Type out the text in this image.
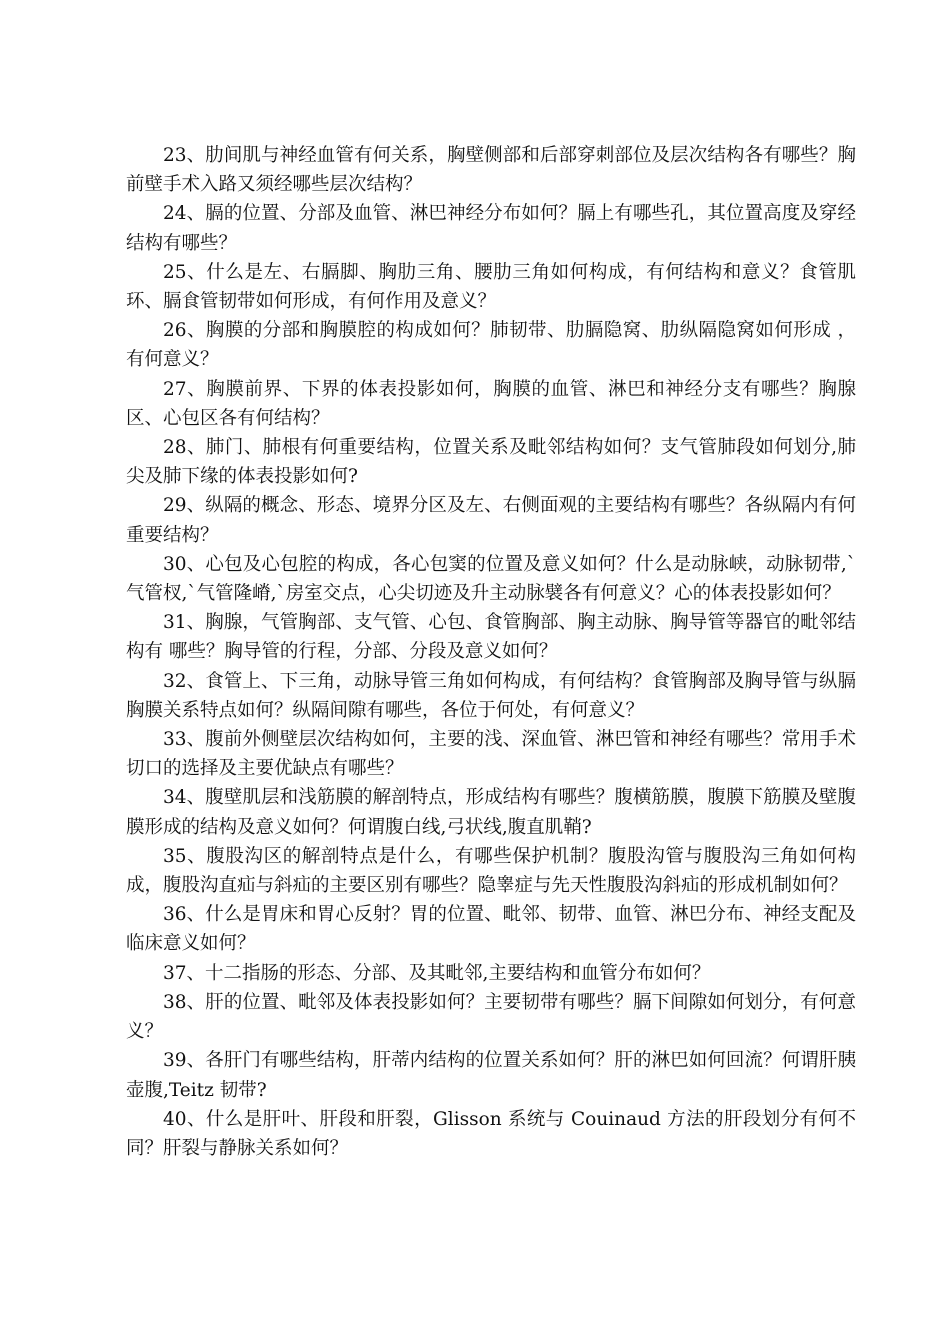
23、肋间肌与神经血管有何关系，胸壁侧部和后部穿刺部位及层次结构各有哪些？胸前壁手术入路又须经哪些层次结构？

24、膈的位置、分部及血管、淋巴神经分布如何？膈上有哪些孔，其位置高度及穿经结构有哪些？

25、什么是左、右膈脚、胸肋三角、腰肋三角如何构成，有何结构和意义？食管肌环、膈食管韧带如何形成，有何作用及意义？

26、胸膜的分部和胸膜腔的构成如何？肺韧带、肋膈隐窝、肋纵隔隐窝如何形成 ，有何意义？

27、胸膜前界、下界的体表投影如何，胸膜的血管、淋巴和神经分支有哪些？胸腺区、心包区各有何结构？

28、肺门、肺根有何重要结构，位置关系及毗邻结构如何？支气管肺段如何划分,肺尖及肺下缘的体表投影如何?

29、纵隔的概念、形态、境界分区及左、右侧面观的主要结构有哪些？各纵隔内有何重要结构？

30、心包及心包腔的构成，各心包窦的位置及意义如何？什么是动脉峡，动脉韧带,`气管杈,`气管隆嵴,`房室交点，心尖切迹及升主动脉襞各有何意义？心的体表投影如何？

31、胸腺，气管胸部、支气管、心包、食管胸部、胸主动脉、胸导管等器官的毗邻结构有 哪些？胸导管的行程，分部、分段及意义如何？

32、食管上、下三角，动脉导管三角如何构成，有何结构？食管胸部及胸导管与纵膈胸膜关系特点如何？纵隔间隙有哪些，各位于何处，有何意义？

33、腹前外侧壁层次结构如何，主要的浅、深血管、淋巴管和神经有哪些？常用手术切口的选择及主要优缺点有哪些？

34、腹壁肌层和浅筋膜的解剖特点，形成结构有哪些？腹横筋膜，腹膜下筋膜及壁腹膜形成的结构及意义如何？何谓腹白线,弓状线,腹直肌鞘?

35、腹股沟区的解剖特点是什么，有哪些保护机制？腹股沟管与腹股沟三角如何构成，腹股沟直疝与斜疝的主要区别有哪些？隐睾症与先天性腹股沟斜疝的形成机制如何？

36、什么是胃床和胃心反射？胃的位置、毗邻、韧带、血管、淋巴分布、神经支配及临床意义如何？

37、十二指肠的形态、分部、及其毗邻,主要结构和血管分布如何？

38、肝的位置、毗邻及体表投影如何？主要韧带有哪些？膈下间隙如何划分，有何意义？

39、各肝门有哪些结构，肝蒂内结构的位置关系如何？肝的淋巴如何回流？何谓肝胰壶腹,Teitz 韧带?

40、什么是肝叶、肝段和肝裂，Glisson 系统与 Couinaud 方法的肝段划分有何不同？肝裂与静脉关系如何？
